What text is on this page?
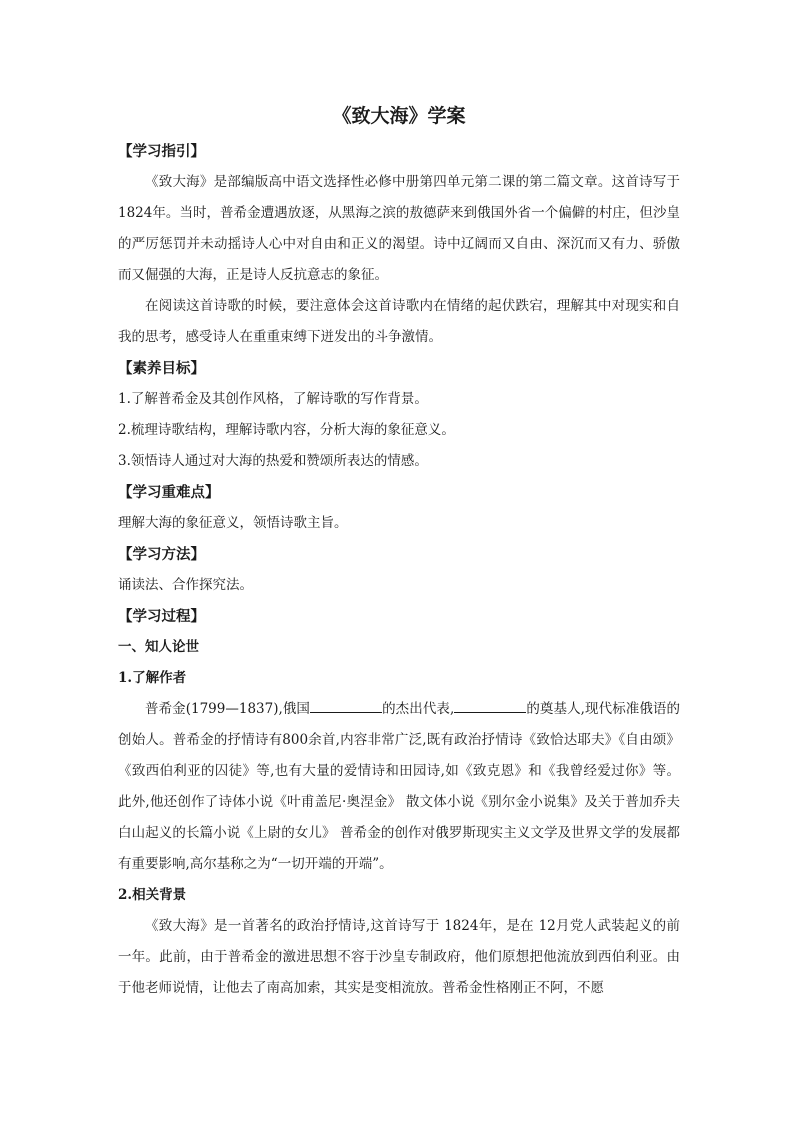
《致大海》学案

【学习指引】

《致大海》是部编版高中语文选择性必修中册第四单元第二课的第二篇文章。这首诗写于 1824年。当时，普希金遭遇放逐，从黑海之滨的敖德萨来到俄国外省一个偏僻的村庄，但沙皇的严厉惩罚并未动摇诗人心中对自由和正义的渴望。诗中辽阔而又自由、深沉而又有力、骄傲而又倔强的大海，正是诗人反抗意志的象征。

在阅读这首诗歌的时候，要注意体会这首诗歌内在情绪的起伏跌宕，理解其中对现实和自我的思考，感受诗人在重重束缚下迸发出的斗争激情。

【素养目标】

1.了解普希金及其创作风格，了解诗歌的写作背景。

2.梳理诗歌结构，理解诗歌内容，分析大海的象征意义。

3.领悟诗人通过对大海的热爱和赞颂所表达的情感。

【学习重难点】

理解大海的象征意义，领悟诗歌主旨。

【学习方法】

诵读法、合作探究法。

【学习过程】

一、知人论世

1.了解作者

普希金(1799—1837),俄国	的杰出代表,	的奠基人,现代标准俄语的创始人。普希金的抒情诗有800余首,内容非常广泛,既有政治抒情诗《致恰达耶夫》《自由颂》《致西伯利亚的囚徒》等,也有大量的爱情诗和田园诗,如《致克恩》和《我曾经爱过你》等。此外,他还创作了诗体小说《叶甫盖尼·奥涅金》 散文体小说《别尔金小说集》及关于普加乔夫白山起义的长篇小说《上尉的女儿》 普希金的创作对俄罗斯现实主义文学及世界文学的发展都有重要影响,高尔基称之为“一切开端的开端”。

2.相关背景

《致大海》是一首著名的政治抒情诗,这首诗写于 1824年，是在 12月党人武装起义的前一年。此前，由于普希金的激进思想不容于沙皇专制政府，他们原想把他流放到西伯利亚。由于他老师说情，让他去了南高加索，其实是变相流放。普希金性格刚正不阿，不愿
